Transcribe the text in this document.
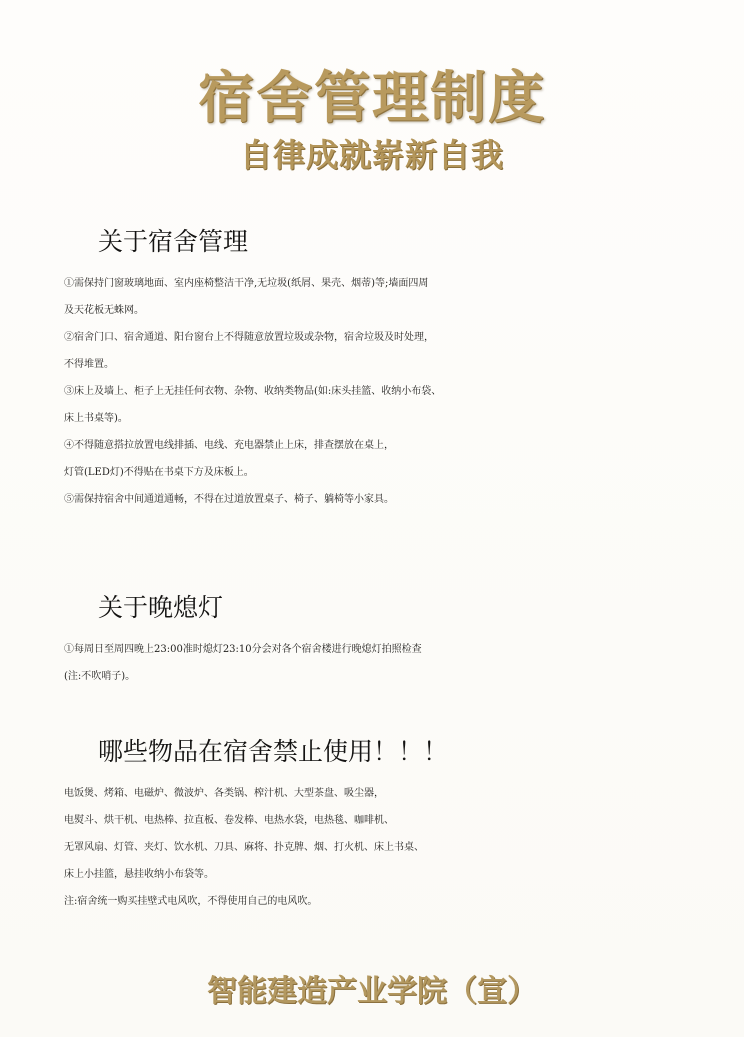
宿舍管理制度
自律成就崭新自我
关于宿舍管理
①需保持门窗玻璃地面、室内座椅整洁干净,无垃圾(纸屑、果壳、烟蒂)等;墙面四周
及天花板无蛛网。
②宿舍门口、宿舍通道、阳台窗台上不得随意放置垃圾或杂物，宿舍垃圾及时处理，
不得堆置。
③床上及墙上、柜子上无挂任何衣物、杂物、收纳类物品(如:床头挂篮、收纳小布袋、
床上书桌等)。
④不得随意搭拉放置电线排插、电线、充电器禁止上床，排查摆放在桌上，
灯管(LED灯)不得贴在书桌下方及床板上。
⑤需保持宿舍中间通道通畅，不得在过道放置桌子、椅子、躺椅等小家具。
关于晚熄灯
①每周日至周四晚上23:00准时熄灯23:10分会对各个宿舍楼进行晚熄灯拍照检查
(注:不吹哨子)。
哪些物品在宿舍禁止使用！！！
电饭煲、烤箱、电磁炉、微波炉、各类锅、榨汁机、大型茶盘、吸尘器，
电熨斗、烘干机、电热棒、拉直板、卷发棒、电热水袋，电热毯、咖啡机、
无罩风扇、灯管、夹灯、饮水机、刀具、麻将、扑克牌、烟、打火机、床上书桌、
床上小挂篮，悬挂收纳小布袋等。
注:宿舍统一购买挂壁式电风吹，不得使用自己的电风吹。
智能建造产业学院（宣）
